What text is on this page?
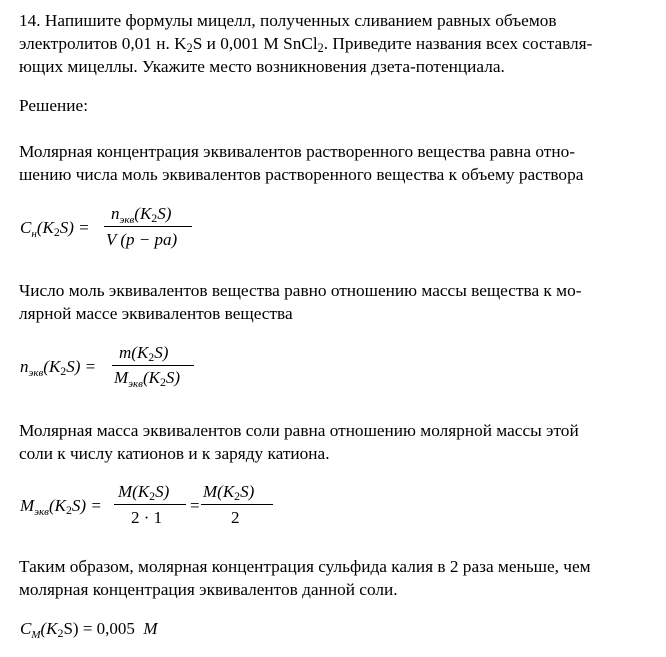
14. Напишите формулы мицелл, полученных сливанием равных объемов
электролитов 0,01 н. $K_2S$ и 0,001 М SnCl$_2$. Приведите названия всех составля-
ющих мицеллы. Укажите место возникновения дзета-потенциала.
Решение:
Молярная концентрация эквивалентов растворенного вещества равна отно-
шению числа моль эквивалентов растворенного вещества к объему раствора
$C_н(K_2S)$ =
$n_{экв}(K_2S)$
V (p − pa)
Число моль эквивалентов вещества равно отношению массы вещества к мо-
лярной массе эквивалентов вещества
$n_{экв}(K_2S)$ =
$m(K_2S)$
$M_{экв}(K_2S)$
Молярная масса эквивалентов соли равна отношению молярной массы этой
соли к числу катионов и к заряду катиона.
$M_{экв}(K_2S)$ =
$M(K_2S)$
2 · 1
=
$M(K_2S)$
2
Таким образом, молярная концентрация сульфида калия в 2 раза меньше, чем
молярная концентрация эквивалентов данной соли.
$C_M(K_2S) = 0,005$ M
